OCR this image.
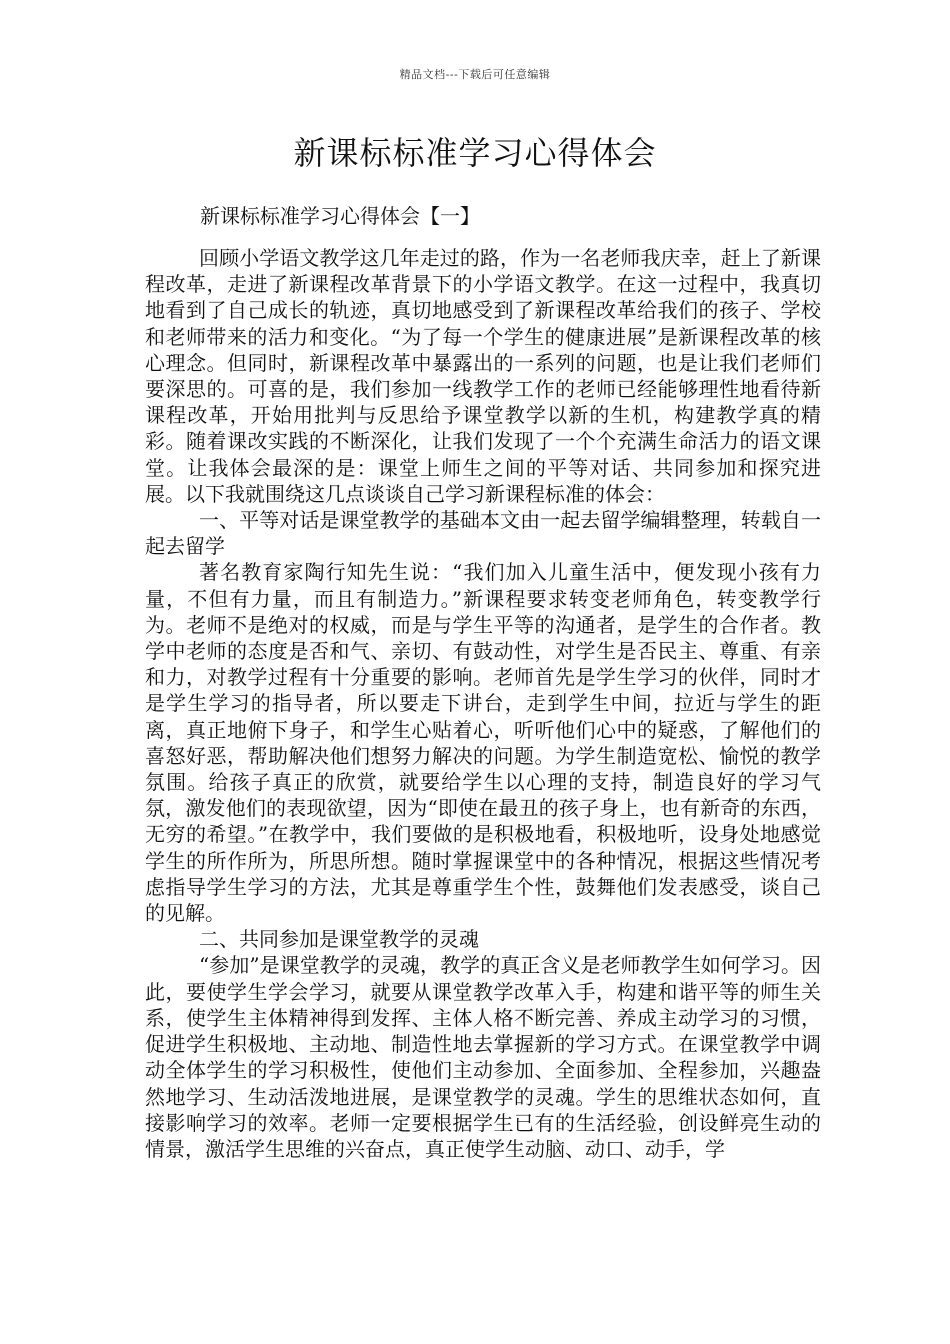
精品文档---下载后可任意编辑
新课标标准学习心得体会
新课标标准学习心得体会【一】

回顾小学语文教学这几年走过的路，作为一名老师我庆幸，赶上了新课程改革，走进了新课程改革背景下的小学语文教学。在这一过程中，我真切地看到了自己成长的轨迹，真切地感受到了新课程改革给我们的孩子、学校和老师带来的活力和变化。“为了每一个学生的健康进展”是新课程改革的核心理念。但同时，新课程改革中暴露出的一系列的问题，也是让我们老师们要深思的。可喜的是，我们参加一线教学工作的老师已经能够理性地看待新课程改革，开始用批判与反思给予课堂教学以新的生机，构建教学真的精彩。随着课改实践的不断深化，让我们发现了一个个充满生命活力的语文课堂。让我体会最深的是：课堂上师生之间的平等对话、共同参加和探究进展。以下我就围绕这几点谈谈自己学习新课程标准的体会：

一、平等对话是课堂教学的基础本文由一起去留学编辑整理，转载自一起去留学

著名教育家陶行知先生说：“我们加入儿童生活中，便发现小孩有力量，不但有力量，而且有制造力。”新课程要求转变老师角色，转变教学行为。老师不是绝对的权威，而是与学生平等的沟通者，是学生的合作者。教学中老师的态度是否和气、亲切、有鼓动性，对学生是否民主、尊重、有亲和力，对教学过程有十分重要的影响。老师首先是学生学习的伙伴，同时才是学生学习的指导者，所以要走下讲台，走到学生中间，拉近与学生的距离，真正地俯下身子，和学生心贴着心，听听他们心中的疑惑，了解他们的喜怒好恶，帮助解决他们想努力解决的问题。为学生制造宽松、愉悦的教学氛围。给孩子真正的欣赏，就要给学生以心理的支持，制造良好的学习气氛，激发他们的表现欲望，因为“即使在最丑的孩子身上，也有新奇的东西，无穷的希望。”在教学中，我们要做的是积极地看，积极地听，设身处地感觉学生的所作所为，所思所想。随时掌握课堂中的各种情况，根据这些情况考虑指导学生学习的方法，尤其是尊重学生个性，鼓舞他们发表感受，谈自己的见解。

二、共同参加是课堂教学的灵魂

“参加”是课堂教学的灵魂，教学的真正含义是老师教学生如何学习。因此，要使学生学会学习，就要从课堂教学改革入手，构建和谐平等的师生关系，使学生主体精神得到发挥、主体人格不断完善、养成主动学习的习惯，促进学生积极地、主动地、制造性地去掌握新的学习方式。在课堂教学中调动全体学生的学习积极性，使他们主动参加、全面参加、全程参加，兴趣盎然地学习、生动活泼地进展，是课堂教学的灵魂。学生的思维状态如何，直接影响学习的效率。老师一定要根据学生已有的生活经验，创设鲜亮生动的情景，激活学生思维的兴奋点，真正使学生动脑、动口、动手，学
